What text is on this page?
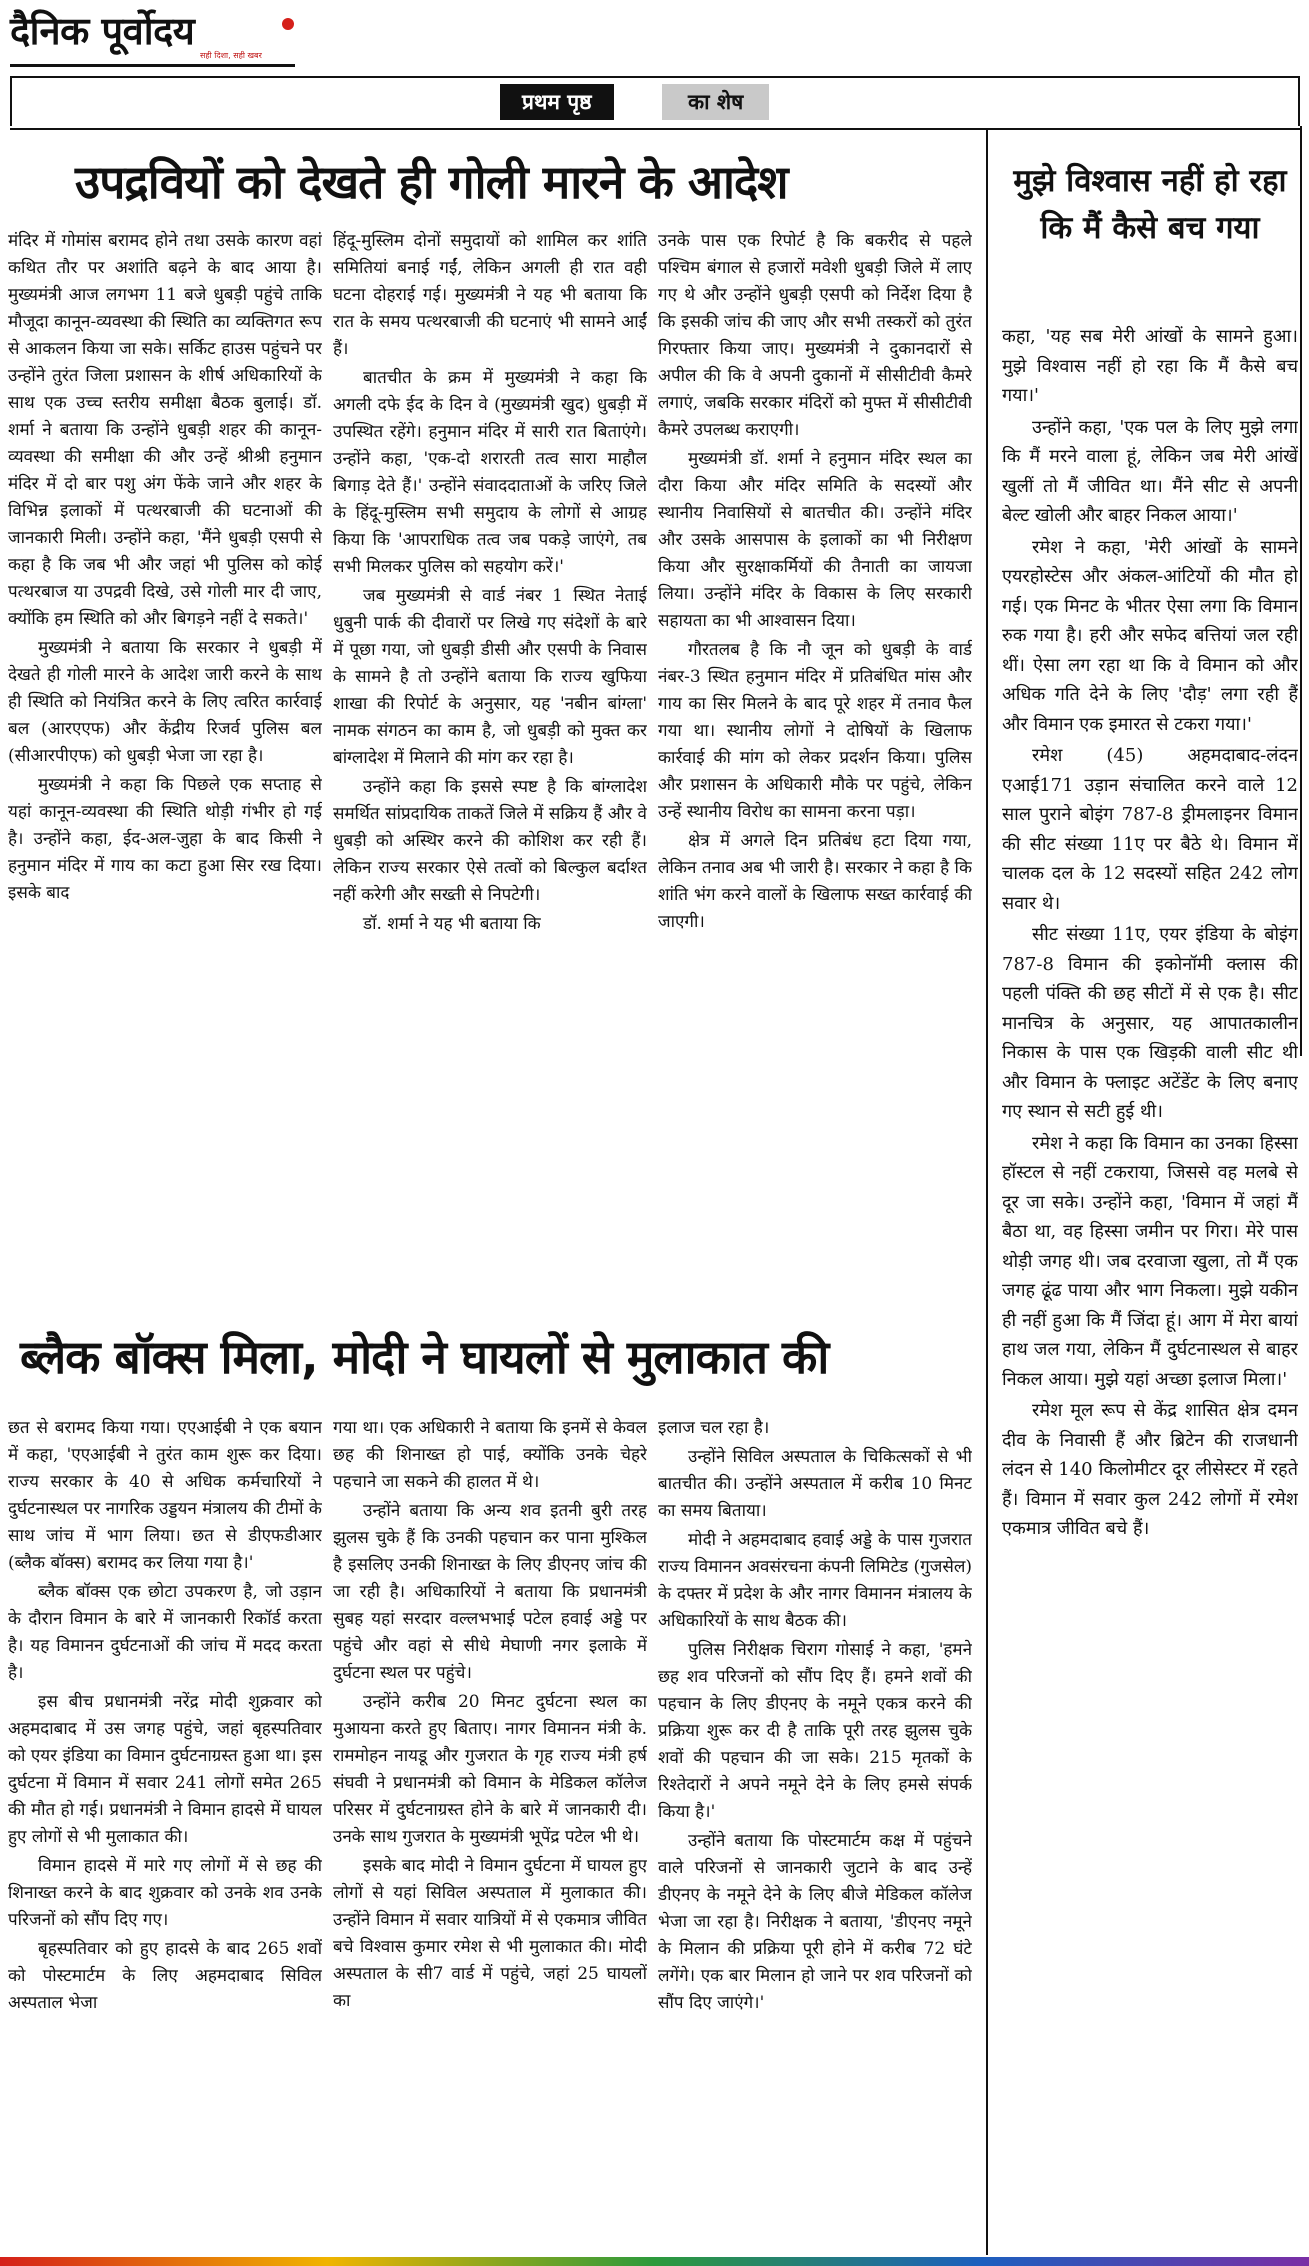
दैनिक पूर्वोदय
सही दिशा, सही खबर
प्रथम पृष्ठ	का शेष
उपद्रवियों को देखते ही गोली मारने के आदेश

मंदिर में गोमांस बरामद होने तथा उसके कारण वहां कथित तौर पर अशांति बढ़ने के बाद आया है। मुख्यमंत्री आज लगभग 11 बजे धुबड़ी पहुंचे ताकि मौजूदा कानून-व्यवस्था की स्थिति का व्यक्तिगत रूप से आकलन किया जा सके। सर्किट हाउस पहुंचने पर उन्होंने तुरंत जिला प्रशासन के शीर्ष अधिकारियों के साथ एक उच्च स्तरीय समीक्षा बैठक बुलाई। डॉ. शर्मा ने बताया कि उन्होंने धुबड़ी शहर की कानून-व्यवस्था की समीक्षा की और उन्हें श्रीश्री हनुमान मंदिर में दो बार पशु अंग फेंके जाने और शहर के विभिन्न इलाकों में पत्थरबाजी की घटनाओं की जानकारी मिली। उन्होंने कहा, 'मैंने धुबड़ी एसपी से कहा है कि जब भी और जहां भी पुलिस को कोई पत्थरबाज या उपद्रवी दिखे, उसे गोली मार दी जाए, क्योंकि हम स्थिति को और बिगड़ने नहीं दे सकते।'

मुख्यमंत्री ने बताया कि सरकार ने धुबड़ी में देखते ही गोली मारने के आदेश जारी करने के साथ ही स्थिति को नियंत्रित करने के लिए त्वरित कार्रवाई बल (आरएएफ) और केंद्रीय रिजर्व पुलिस बल (सीआरपीएफ) को धुबड़ी भेजा जा रहा है।

मुख्यमंत्री ने कहा कि पिछले एक सप्ताह से यहां कानून-व्यवस्था की स्थिति थोड़ी गंभीर हो गई है। उन्होंने कहा, ईद-अल-जुहा के बाद किसी ने हनुमान मंदिर में गाय का कटा हुआ सिर रख दिया। इसके बाद

हिंदू-मुस्लिम दोनों समुदायों को शामिल कर शांति समितियां बनाई गईं, लेकिन अगली ही रात वही घटना दोहराई गई। मुख्यमंत्री ने यह भी बताया कि रात के समय पत्थरबाजी की घटनाएं भी सामने आईं हैं।

बातचीत के क्रम में मुख्यमंत्री ने कहा कि अगली दफे ईद के दिन वे (मुख्यमंत्री खुद) धुबड़ी में उपस्थित रहेंगे। हनुमान मंदिर में सारी रात बिताएंगे। उन्होंने कहा, 'एक-दो शरारती तत्व सारा माहौल बिगाड़ देते हैं।' उन्होंने संवाददाताओं के जरिए जिले के हिंदू-मुस्लिम सभी समुदाय के लोगों से आग्रह किया कि 'आपराधिक तत्व जब पकड़े जाएंगे, तब सभी मिलकर पुलिस को सहयोग करें।'

जब मुख्यमंत्री से वार्ड नंबर 1 स्थित नेताई धुबुनी पार्क की दीवारों पर लिखे गए संदेशों के बारे में पूछा गया, जो धुबड़ी डीसी और एसपी के निवास के सामने है तो उन्होंने बताया कि राज्य खुफिया शाखा की रिपोर्ट के अनुसार, यह 'नबीन बांग्ला' नामक संगठन का काम है, जो धुबड़ी को मुक्त कर बांग्लादेश में मिलाने की मांग कर रहा है।

उन्होंने कहा कि इससे स्पष्ट है कि बांग्लादेश समर्थित सांप्रदायिक ताकतें जिले में सक्रिय हैं और वे धुबड़ी को अस्थिर करने की कोशिश कर रही हैं। लेकिन राज्य सरकार ऐसे तत्वों को बिल्कुल बर्दाश्त नहीं करेगी और सख्ती से निपटेगी।

डॉ. शर्मा ने यह भी बताया कि

उनके पास एक रिपोर्ट है कि बकरीद से पहले पश्चिम बंगाल से हजारों मवेशी धुबड़ी जिले में लाए गए थे और उन्होंने धुबड़ी एसपी को निर्देश दिया है कि इसकी जांच की जाए और सभी तस्करों को तुरंत गिरफ्तार किया जाए। मुख्यमंत्री ने दुकानदारों से अपील की कि वे अपनी दुकानों में सीसीटीवी कैमरे लगाएं, जबकि सरकार मंदिरों को मुफ्त में सीसीटीवी कैमरे उपलब्ध कराएगी।

मुख्यमंत्री डॉ. शर्मा ने हनुमान मंदिर स्थल का दौरा किया और मंदिर समिति के सदस्यों और स्थानीय निवासियों से बातचीत की। उन्होंने मंदिर और उसके आसपास के इलाकों का भी निरीक्षण किया और सुरक्षाकर्मियों की तैनाती का जायजा लिया। उन्होंने मंदिर के विकास के लिए सरकारी सहायता का भी आश्वासन दिया।

गौरतलब है कि नौ जून को धुबड़ी के वार्ड नंबर-3 स्थित हनुमान मंदिर में प्रतिबंधित मांस और गाय का सिर मिलने के बाद पूरे शहर में तनाव फैल गया था। स्थानीय लोगों ने दोषियों के खिलाफ कार्रवाई की मांग को लेकर प्रदर्शन किया। पुलिस और प्रशासन के अधिकारी मौके पर पहुंचे, लेकिन उन्हें स्थानीय विरोध का सामना करना पड़ा।

क्षेत्र में अगले दिन प्रतिबंध हटा दिया गया, लेकिन तनाव अब भी जारी है। सरकार ने कहा है कि शांति भंग करने वालों के खिलाफ सख्त कार्रवाई की जाएगी।

ब्लैक बॉक्स मिला, मोदी ने घायलों से मुलाकात की

छत से बरामद किया गया। एएआईबी ने एक बयान में कहा, 'एएआईबी ने तुरंत काम शुरू कर दिया। राज्य सरकार के 40 से अधिक कर्मचारियों ने दुर्घटनास्थल पर नागरिक उड्डयन मंत्रालय की टीमों के साथ जांच में भाग लिया। छत से डीएफडीआर (ब्लैक बॉक्स) बरामद कर लिया गया है।'

ब्लैक बॉक्स एक छोटा उपकरण है, जो उड़ान के दौरान विमान के बारे में जानकारी रिकॉर्ड करता है। यह विमानन दुर्घटनाओं की जांच में मदद करता है।

इस बीच प्रधानमंत्री नरेंद्र मोदी शुक्रवार को अहमदाबाद में उस जगह पहुंचे, जहां बृहस्पतिवार को एयर इंडिया का विमान दुर्घटनाग्रस्त हुआ था। इस दुर्घटना में विमान में सवार 241 लोगों समेत 265 की मौत हो गई। प्रधानमंत्री ने विमान हादसे में घायल हुए लोगों से भी मुलाकात की।

विमान हादसे में मारे गए लोगों में से छह की शिनाख्त करने के बाद शुक्रवार को उनके शव उनके परिजनों को सौंप दिए गए।

बृहस्पतिवार को हुए हादसे के बाद 265 शवों को पोस्टमार्टम के लिए अहमदाबाद सिविल अस्पताल भेजा

गया था। एक अधिकारी ने बताया कि इनमें से केवल छह की शिनाख्त हो पाई, क्योंकि उनके चेहरे पहचाने जा सकने की हालत में थे।

उन्होंने बताया कि अन्य शव इतनी बुरी तरह झुलस चुके हैं कि उनकी पहचान कर पाना मुश्किल है इसलिए उनकी शिनाख्त के लिए डीएनए जांच की जा रही है। अधिकारियों ने बताया कि प्रधानमंत्री सुबह यहां सरदार वल्लभभाई पटेल हवाई अड्डे पर पहुंचे और वहां से सीधे मेघाणी नगर इलाके में दुर्घटना स्थल पर पहुंचे।

उन्होंने करीब 20 मिनट दुर्घटना स्थल का मुआयना करते हुए बिताए। नागर विमानन मंत्री के. राममोहन नायडू और गुजरात के गृह राज्य मंत्री हर्ष संघवी ने प्रधानमंत्री को विमान के मेडिकल कॉलेज परिसर में दुर्घटनाग्रस्त होने के बारे में जानकारी दी। उनके साथ गुजरात के मुख्यमंत्री भूपेंद्र पटेल भी थे।

इसके बाद मोदी ने विमान दुर्घटना में घायल हुए लोगों से यहां सिविल अस्पताल में मुलाकात की। उन्होंने विमान में सवार यात्रियों में से एकमात्र जीवित बचे विश्वास कुमार रमेश से भी मुलाकात की। मोदी अस्पताल के सी7 वार्ड में पहुंचे, जहां 25 घायलों का

इलाज चल रहा है।

उन्होंने सिविल अस्पताल के चिकित्सकों से भी बातचीत की। उन्होंने अस्पताल में करीब 10 मिनट का समय बिताया।

मोदी ने अहमदाबाद हवाई अड्डे के पास गुजरात राज्य विमानन अवसंरचना कंपनी लिमिटेड (गुजसेल) के दफ्तर में प्रदेश के और नागर विमानन मंत्रालय के अधिकारियों के साथ बैठक की।

पुलिस निरीक्षक चिराग गोसाई ने कहा, 'हमने छह शव परिजनों को सौंप दिए हैं। हमने शवों की पहचान के लिए डीएनए के नमूने एकत्र करने की प्रक्रिया शुरू कर दी है ताकि पूरी तरह झुलस चुके शवों की पहचान की जा सके। 215 मृतकों के रिश्तेदारों ने अपने नमूने देने के लिए हमसे संपर्क किया है।'

उन्होंने बताया कि पोस्टमार्टम कक्ष में पहुंचने वाले परिजनों से जानकारी जुटाने के बाद उन्हें डीएनए के नमूने देने के लिए बीजे मेडिकल कॉलेज भेजा जा रहा है। निरीक्षक ने बताया, 'डीएनए नमूने के मिलान की प्रक्रिया पूरी होने में करीब 72 घंटे लगेंगे। एक बार मिलान हो जाने पर शव परिजनों को सौंप दिए जाएंगे।'

मुझे विश्वास नहीं हो रहा कि मैं कैसे बच गया

कहा, 'यह सब मेरी आंखों के सामने हुआ। मुझे विश्वास नहीं हो रहा कि मैं कैसे बच गया।'

उन्होंने कहा, 'एक पल के लिए मुझे लगा कि मैं मरने वाला हूं, लेकिन जब मेरी आंखें खुलीं तो मैं जीवित था। मैंने सीट से अपनी बेल्ट खोली और बाहर निकल आया।'

रमेश ने कहा, 'मेरी आंखों के सामने एयरहोस्टेस और अंकल-आंटियों की मौत हो गई। एक मिनट के भीतर ऐसा लगा कि विमान रुक गया है। हरी और सफेद बत्तियां जल रही थीं। ऐसा लग रहा था कि वे विमान को और अधिक गति देने के लिए 'दौड़' लगा रही हैं और विमान एक इमारत से टकरा गया।'

रमेश (45) अहमदाबाद-लंदन एआई171 उड़ान संचालित करने वाले 12 साल पुराने बोइंग 787-8 ड्रीमलाइनर विमान की सीट संख्या 11ए पर बैठे थे। विमान में चालक दल के 12 सदस्यों सहित 242 लोग सवार थे।

सीट संख्या 11ए, एयर इंडिया के बोइंग 787-8 विमान की इकोनॉमी क्लास की पहली पंक्ति की छह सीटों में से एक है। सीट मानचित्र के अनुसार, यह आपातकालीन निकास के पास एक खिड़की वाली सीट थी और विमान के फ्लाइट अटेंडेंट के लिए बनाए गए स्थान से सटी हुई थी।

रमेश ने कहा कि विमान का उनका हिस्सा हॉस्टल से नहीं टकराया, जिससे वह मलबे से दूर जा सके। उन्होंने कहा, 'विमान में जहां मैं बैठा था, वह हिस्सा जमीन पर गिरा। मेरे पास थोड़ी जगह थी। जब दरवाजा खुला, तो मैं एक जगह ढूंढ पाया और भाग निकला। मुझे यकीन ही नहीं हुआ कि मैं जिंदा हूं। आग में मेरा बायां हाथ जल गया, लेकिन मैं दुर्घटनास्थल से बाहर निकल आया। मुझे यहां अच्छा इलाज मिला।'

रमेश मूल रूप से केंद्र शासित क्षेत्र दमन दीव के निवासी हैं और ब्रिटेन की राजधानी लंदन से 140 किलोमीटर दूर लीसेस्टर में रहते हैं। विमान में सवार कुल 242 लोगों में रमेश एकमात्र जीवित बचे हैं।
